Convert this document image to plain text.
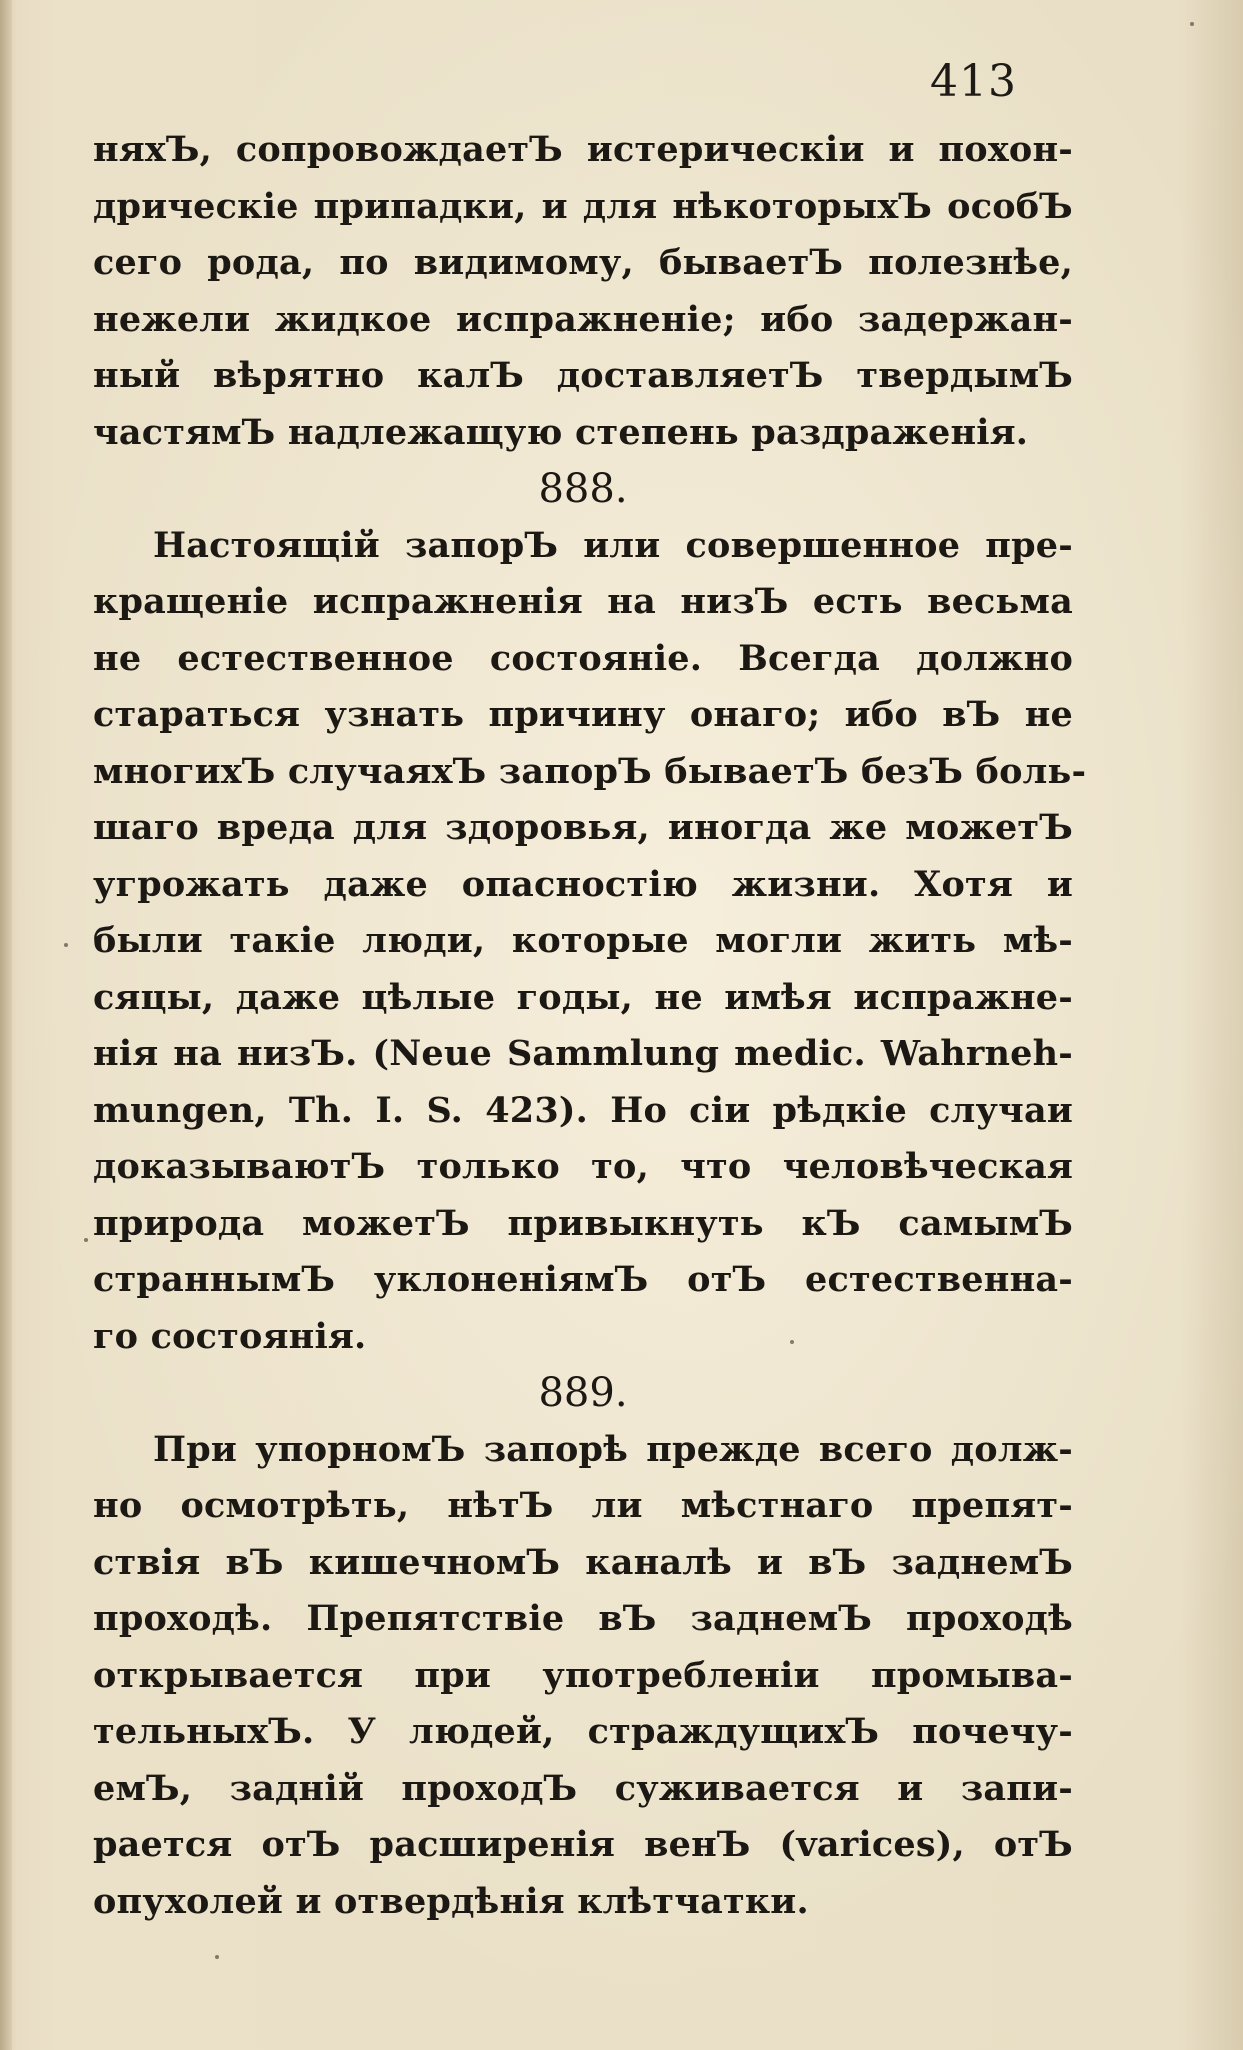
413
няхЪ, сопровождаетЪ истерическіи и похон-
дрическіе припадки, и для нѣкоторыхЪ особЪ
сего рода, по видимому, бываетЪ полезнѣе,
нежели жидкое испражненіе; ибо задержан-
ный вѣрятно калЪ доставляетЪ твердымЪ
частямЪ надлежащую степень раздраженія.
888.
Настоящій запорЪ или совершенное пре-
кращеніе испражненія на низЪ есть весьма
не естественное состояніе. Всегда должно
стараться узнать причину онаго; ибо вЪ не
многихЪ случаяхЪ запорЪ бываетЪ безЪ боль-
шаго вреда для здоровья, иногда же можетЪ
угрожать даже опасностію жизни. Хотя и
были такіе люди, которые могли жить мѣ-
сяцы, даже цѣлые годы, не имѣя испражне-
нія на низЪ. (Neue Sammlung medic. Wahrneh-
mungen, Th. I. S. 423). Но сіи рѣдкіе случаи
доказываютЪ только то, что человѣческая
природа можетЪ привыкнуть кЪ самымЪ
страннымЪ уклоненіямЪ отЪ естественна-
го состоянія.
889.
При упорномЪ запорѣ прежде всего долж-
но осмотрѣть, нѣтЪ ли мѣстнаго препят-
ствія вЪ кишечномЪ каналѣ и вЪ заднемЪ
проходѣ. Препятствіе вЪ заднемЪ проходѣ
открывается при употребленіи промыва-
тельныхЪ. У людей, страждущихЪ почечу-
емЪ, задній проходЪ суживается и запи-
рается отЪ расширенія венЪ (varices), отЪ
опухолей и отвердѣнія клѣтчатки.
